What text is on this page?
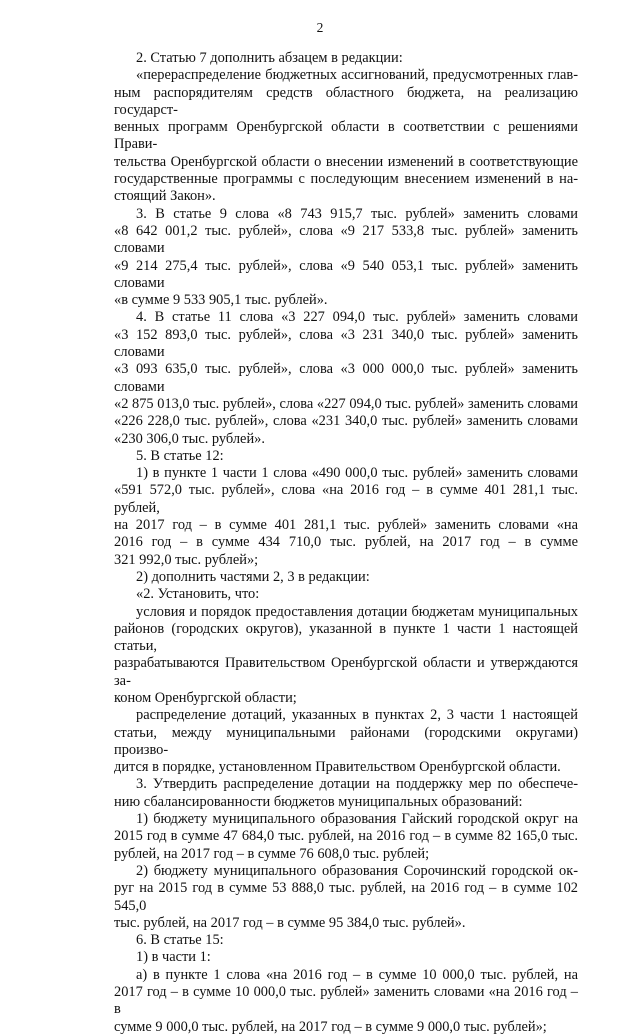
2

2. Статью 7 дополнить абзацем в редакции:

«перераспределение бюджетных ассигнований, предусмотренных глав-

ным распорядителям средств областного бюджета, на реализацию государст-

венных программ Оренбургской области в соответствии с решениями Прави-

тельства Оренбургской области о внесении изменений в соответствующие

государственные программы с последующим внесением изменений в на-

стоящий Закон».

3. В статье 9 слова «8 743 915,7 тыс. рублей» заменить словами

«8 642 001,2 тыс. рублей», слова «9 217 533,8 тыс. рублей» заменить словами

«9 214 275,4 тыс. рублей», слова «9 540 053,1 тыс. рублей» заменить словами

«в сумме 9 533 905,1 тыс. рублей».

4. В статье 11 слова «3 227 094,0 тыс. рублей» заменить словами

«3 152 893,0 тыс. рублей», слова «3 231 340,0 тыс. рублей» заменить словами

«3 093 635,0 тыс. рублей», слова «3 000 000,0 тыс. рублей» заменить словами

«2 875 013,0 тыс. рублей», слова «227 094,0 тыс. рублей» заменить словами

«226 228,0 тыс. рублей», слова «231 340,0 тыс. рублей» заменить словами

«230 306,0 тыс. рублей».

5. В статье 12:

1) в пункте 1 части 1 слова «490 000,0 тыс. рублей» заменить словами

«591 572,0 тыс. рублей», слова «на 2016 год – в сумме 401 281,1 тыс. рублей,

на 2017 год – в сумме 401 281,1 тыс. рублей» заменить словами «на

2016 год – в сумме 434 710,0 тыс. рублей, на 2017 год – в сумме

321 992,0 тыс. рублей»;

2) дополнить частями 2, 3 в редакции:

«2. Установить, что:

условия и порядок предоставления дотации бюджетам муниципальных

районов (городских округов), указанной в пункте 1 части 1 настоящей статьи,

разрабатываются Правительством Оренбургской области и утверждаются за-

коном Оренбургской области;

распределение дотаций, указанных в пунктах 2, 3 части 1 настоящей

статьи, между муниципальными районами (городскими округами) произво-

дится в порядке, установленном Правительством Оренбургской области.

3. Утвердить распределение дотации на поддержку мер по обеспече-

нию сбалансированности бюджетов муниципальных образований:

1) бюджету муниципального образования Гайский городской округ на

2015 год в сумме 47 684,0 тыс. рублей, на 2016 год – в сумме 82 165,0 тыс.

рублей, на 2017 год – в сумме 76 608,0 тыс. рублей;

2) бюджету муниципального образования Сорочинский городской ок-

руг на 2015 год в сумме 53 888,0 тыс. рублей, на 2016 год – в сумме 102 545,0

тыс. рублей, на 2017 год – в сумме 95 384,0 тыс. рублей».

6. В статье 15:

1) в части 1:

а) в пункте 1 слова «на 2016 год – в сумме 10 000,0 тыс. рублей, на

2017 год – в сумме 10 000,0 тыс. рублей» заменить словами «на 2016 год – в

сумме 9 000,0 тыс. рублей, на 2017 год – в сумме 9 000,0 тыс. рублей»;
